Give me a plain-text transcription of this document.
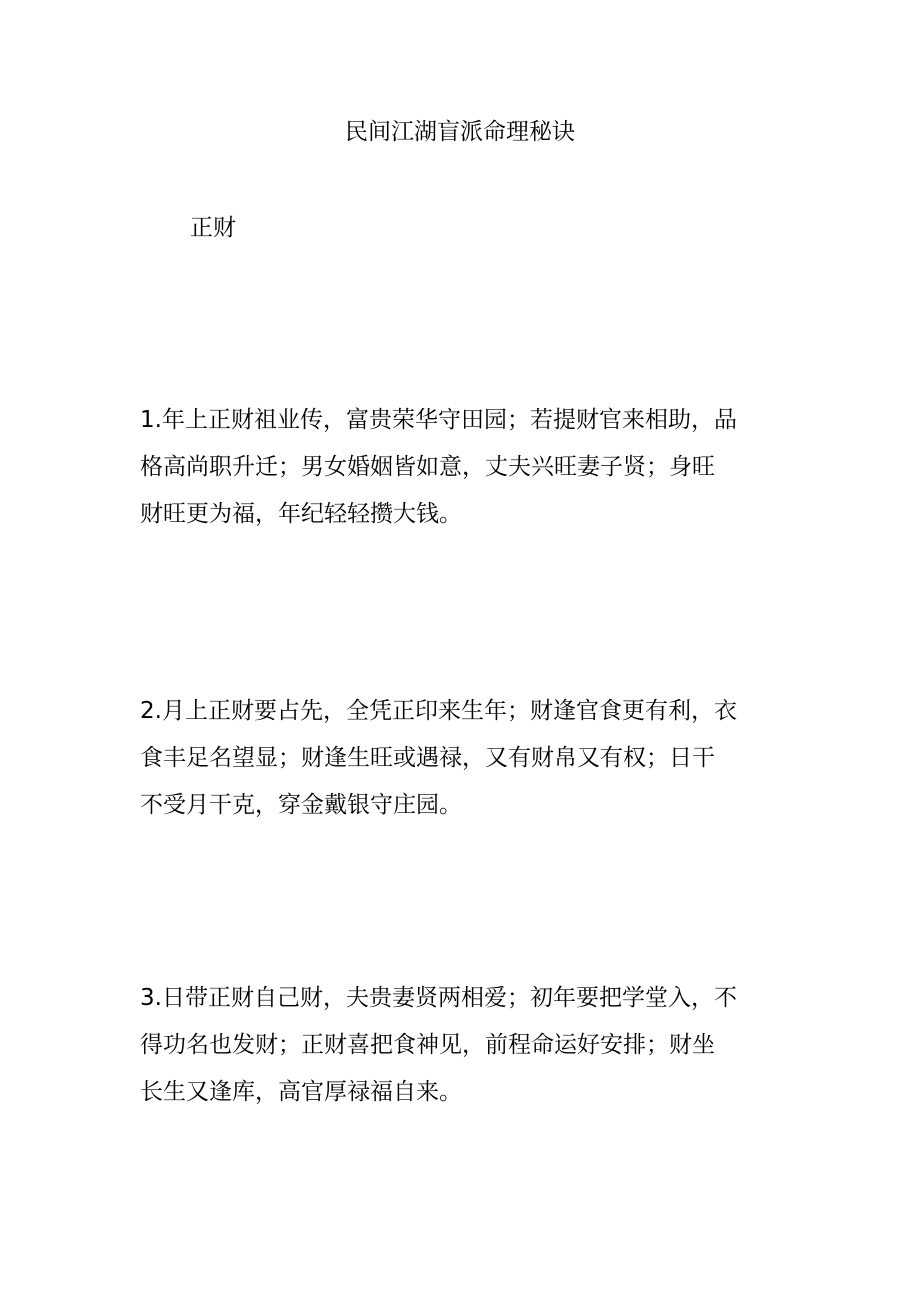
民间江湖盲派命理秘诀
正财

1.年上正财祖业传，富贵荣华守田园；若提财官来相助，品
格高尚职升迁；男女婚姻皆如意，丈夫兴旺妻子贤；身旺
财旺更为福，年纪轻轻攒大钱。

2.月上正财要占先，全凭正印来生年；财逢官食更有利，衣
食丰足名望显；财逢生旺或遇禄，又有财帛又有权；日干
不受月干克，穿金戴银守庄园。

3.日带正财自己财，夫贵妻贤两相爱；初年要把学堂入，不
得功名也发财；正财喜把食神见，前程命运好安排；财坐
长生又逢库，高官厚禄福自来。
